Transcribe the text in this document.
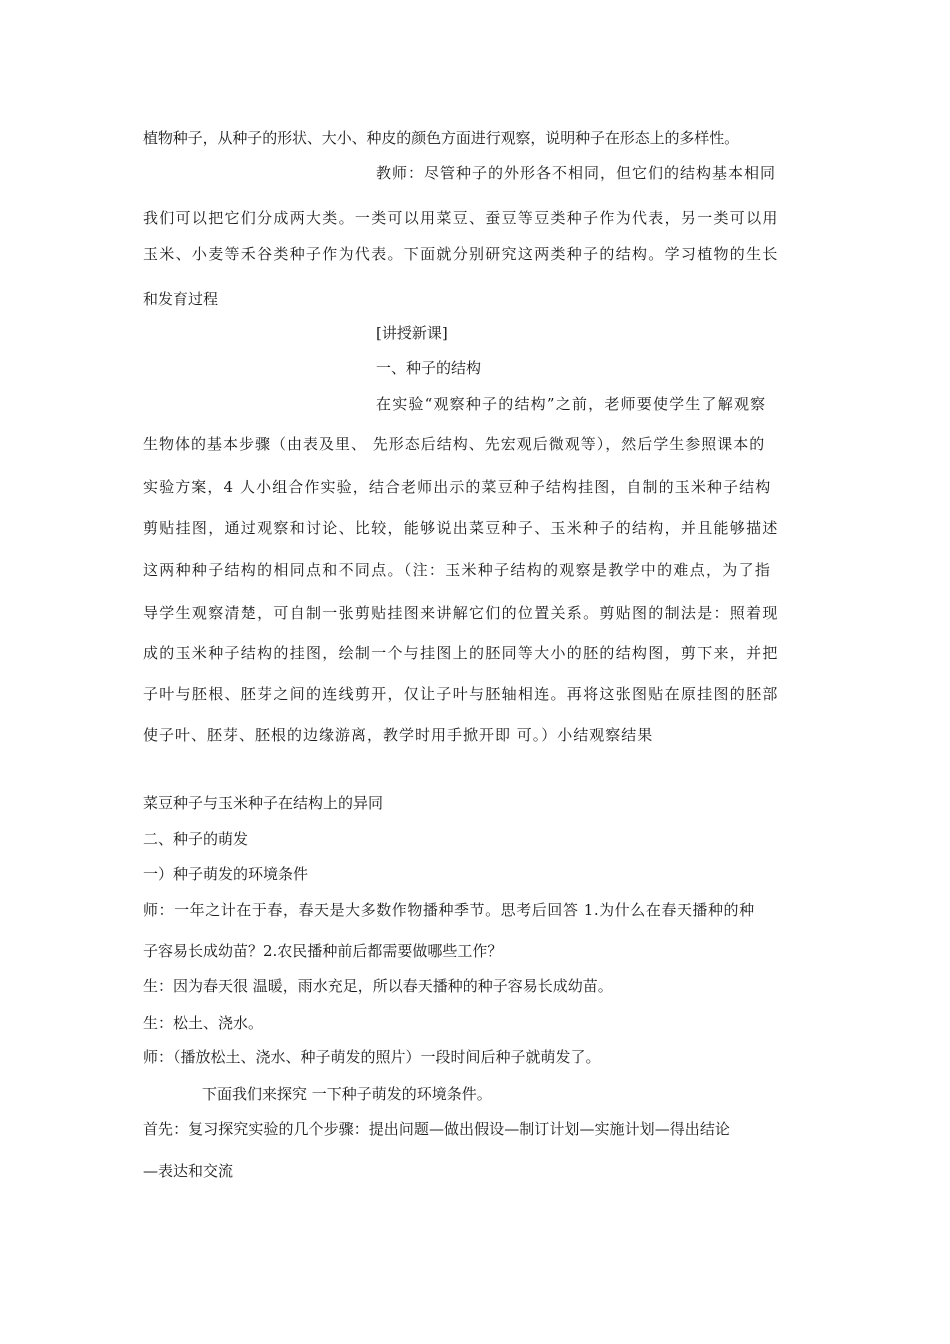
植物种子，从种子的形状、大小、种皮的颜色方面进行观察，说明种子在形态上的多样性。
教师：尽管种子的外形各不相同，但它们的结构基本相同
我们可以把它们分成两大类。一类可以用菜豆、蚕豆等豆类种子作为代表，另一类可以用
玉米、小麦等禾谷类种子作为代表。下面就分别研究这两类种子的结构。学习植物的生长
和发育过程
[讲授新课]
一、种子的结构
在实验“观察种子的结构”之前，老师要使学生了解观察
生物体的基本步骤（由表及里、 先形态后结构、先宏观后微观等），然后学生参照课本的
实验方案，4 人小组合作实验，结合老师出示的菜豆种子结构挂图，自制的玉米种子结构
剪贴挂图，通过观察和讨论、比较，能够说出菜豆种子、玉米种子的结构，并且能够描述
这两种种子结构的相同点和不同点。（注：玉米种子结构的观察是教学中的难点，为了指
导学生观察清楚，可自制一张剪贴挂图来讲解它们的位置关系。剪贴图的制法是：照着现
成的玉米种子结构的挂图，绘制一个与挂图上的胚同等大小的胚的结构图，剪下来，并把
子叶与胚根、胚芽之间的连线剪开，仅让子叶与胚轴相连。再将这张图贴在原挂图的胚部
使子叶、胚芽、胚根的边缘游离，教学时用手掀开即 可。）小结观察结果
菜豆种子与玉米种子在结构上的异同
二、种子的萌发
一）种子萌发的环境条件
师：一年之计在于春，春天是大多数作物播种季节。思考后回答 1.为什么在春天播种的种
子容易长成幼苗？2.农民播种前后都需要做哪些工作？
生：因为春天很 温暖，雨水充足，所以春天播种的种子容易长成幼苗。
生：松土、浇水。
师：（播放松土、浇水、种子萌发的照片）一段时间后种子就萌发了。
下面我们来探究 一下种子萌发的环境条件。
首先：复习探究实验的几个步骤：提出问题—做出假设—制订计划—实施计划—得出结论
—表达和交流
